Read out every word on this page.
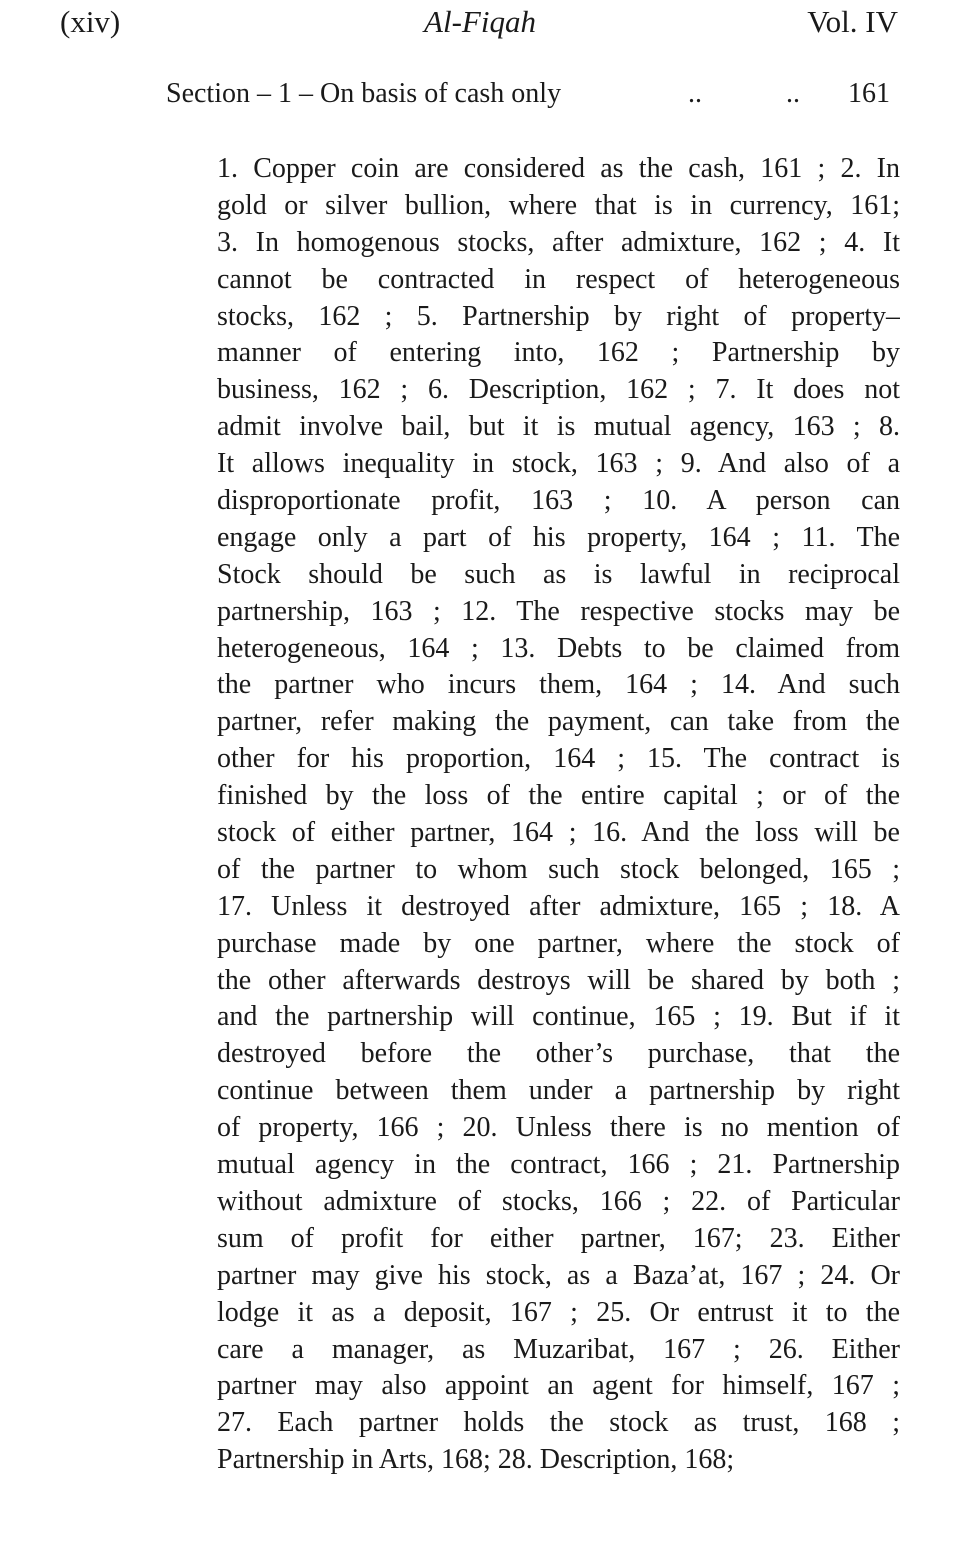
(xiv)	Al-Fiqah	Vol. IV
Section – 1 – On basis of cash only	..	.. 161
1. Copper coin are considered as the cash, 161 ; 2. In
gold or silver bullion, where that is in currency, 161;
3. In homogenous stocks, after admixture, 162 ; 4. It
cannot be contracted in respect of heterogeneous
stocks, 162 ; 5. Partnership by right of property–
manner of entering into, 162 ; Partnership by
business, 162 ; 6. Description, 162 ; 7. It does not
admit involve bail, but it is mutual agency, 163 ; 8.
It allows inequality in stock, 163 ; 9. And also of a
disproportionate profit, 163 ; 10. A person can
engage only a part of his property, 164 ; 11. The
Stock should be such as is lawful in reciprocal
partnership, 163 ; 12. The respective stocks may be
heterogeneous, 164 ; 13. Debts to be claimed from
the partner who incurs them, 164 ; 14. And such
partner, refer making the payment, can take from the
other for his proportion, 164 ; 15. The contract is
finished by the loss of the entire capital ; or of the
stock of either partner, 164 ; 16. And the loss will be
of the partner to whom such stock belonged, 165 ;
17. Unless it destroyed after admixture, 165 ; 18. A
purchase made by one partner, where the stock of
the other afterwards destroys will be shared by both ;
and the partnership will continue, 165 ; 19. But if it
destroyed before the other’s purchase, that the
continue between them under a partnership by right
of property, 166 ; 20. Unless there is no mention of
mutual agency in the contract, 166 ; 21. Partnership
without admixture of stocks, 166 ; 22. of Particular
sum of profit for either partner, 167; 23. Either
partner may give his stock, as a Baza’at, 167 ; 24. Or
lodge it as a deposit, 167 ; 25. Or entrust it to the
care a manager, as Muzaribat, 167 ; 26. Either
partner may also appoint an agent for himself, 167 ;
27. Each partner holds the stock as trust, 168 ;
Partnership in Arts, 168; 28. Description, 168;
